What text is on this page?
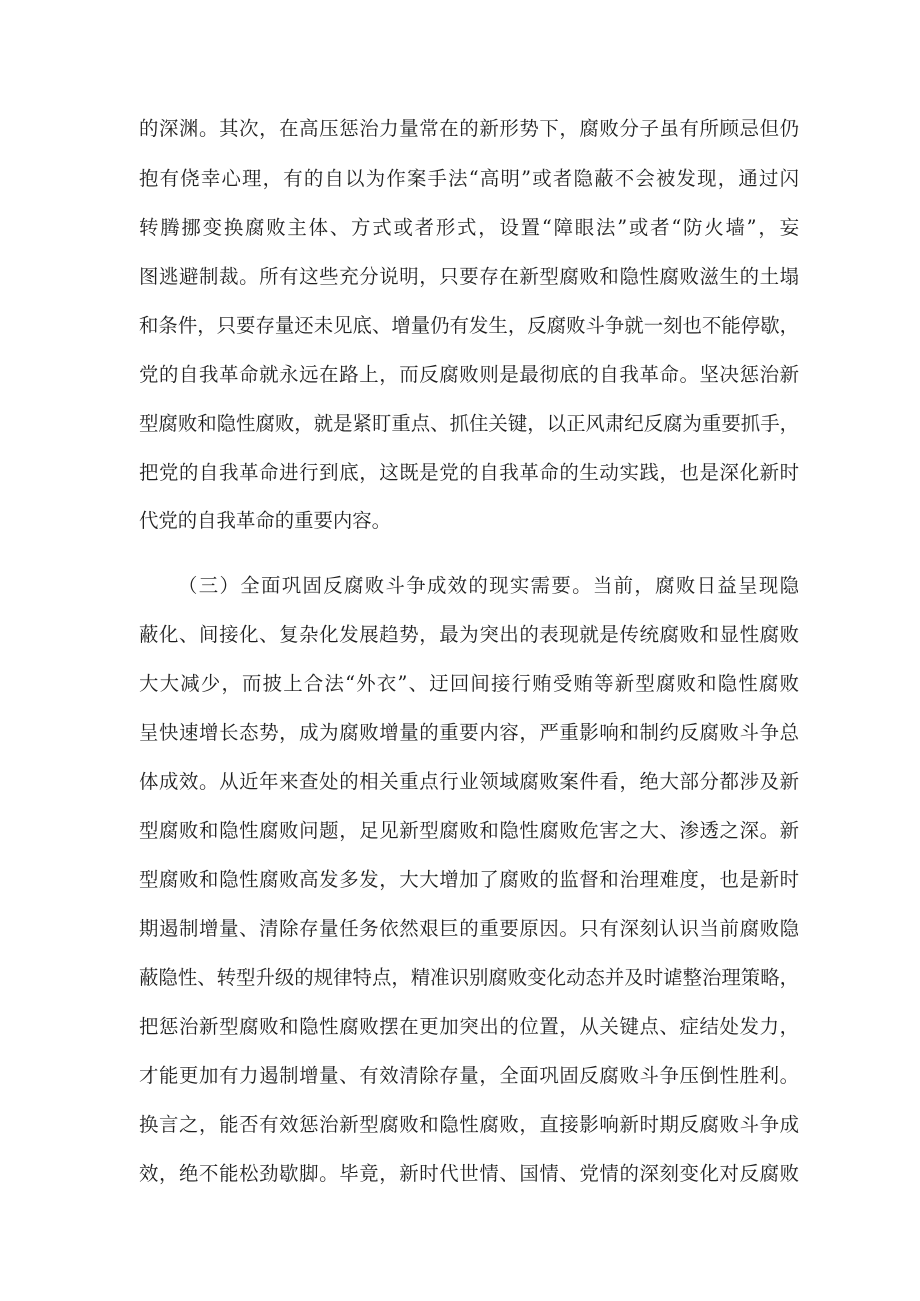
的深渊。其次，在高压惩治力量常在的新形势下，腐败分子虽有所顾忌但仍
抱有侥幸心理，有的自以为作案手法“高明”或者隐蔽不会被发现，通过闪
转腾挪变换腐败主体、方式或者形式，设置“障眼法”或者“防火墙”，妄
图逃避制裁。所有这些充分说明，只要存在新型腐败和隐性腐败滋生的土塌
和条件，只要存量还未见底、增量仍有发生，反腐败斗争就一刻也不能停歇，
党的自我革命就永远在路上，而反腐败则是最彻底的自我革命。坚决惩治新
型腐败和隐性腐败，就是紧盯重点、抓住关键，以正风肃纪反腐为重要抓手，
把党的自我革命进行到底，这既是党的自我革命的生动实践，也是深化新时
代党的自我革命的重要内容。
（三）全面巩固反腐败斗争成效的现实需要。当前，腐败日益呈现隐
蔽化、间接化、复杂化发展趋势，最为突出的表现就是传统腐败和显性腐败
大大减少，而披上合法“外衣”、迂回间接行贿受贿等新型腐败和隐性腐败
呈快速增长态势，成为腐败增量的重要内容，严重影响和制约反腐败斗争总
体成效。从近年来查处的相关重点行业领域腐败案件看，绝大部分都涉及新
型腐败和隐性腐败问题，足见新型腐败和隐性腐败危害之大、渗透之深。新
型腐败和隐性腐败高发多发，大大增加了腐败的监督和治理难度，也是新时
期遏制增量、清除存量任务依然艰巨的重要原因。只有深刻认识当前腐败隐
蔽隐性、转型升级的规律特点，精准识别腐败变化动态并及时谑整治理策略，
把惩治新型腐败和隐性腐败摆在更加突出的位置，从关键点、症结处发力，
才能更加有力遏制增量、有效清除存量，全面巩固反腐败斗争压倒性胜利。
换言之，能否有效惩治新型腐败和隐性腐败，直接影响新时期反腐败斗争成
效，绝不能松劲歇脚。毕竟，新时代世情、国情、党情的深刻变化对反腐败
